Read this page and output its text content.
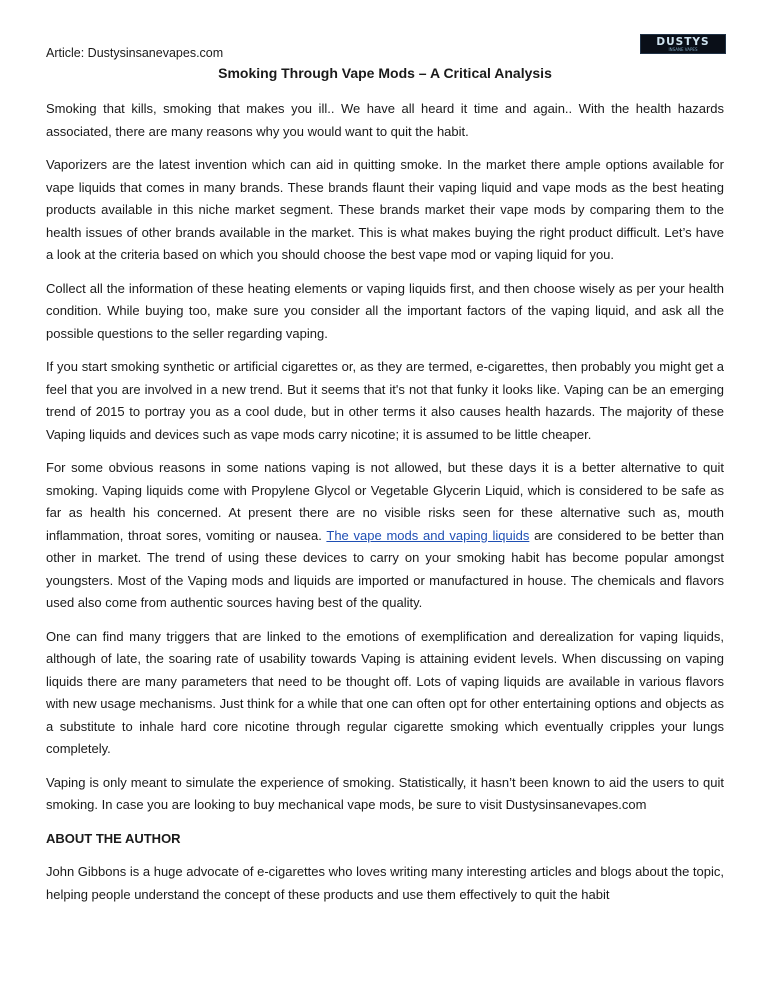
Article: Dustysinsanevapes.com
DUSTYS
INSANE VAPES
Smoking Through Vape Mods – A Critical Analysis

Smoking that kills, smoking that makes you ill.. We have all heard it time and again.. With the health hazards associated, there are many reasons why you would want to quit the habit.

Vaporizers are the latest invention which can aid in quitting smoke. In the market there ample options available for vape liquids that comes in many brands. These brands flaunt their vaping liquid and vape mods as the best heating products available in this niche market segment. These brands market their vape mods by comparing them to the health issues of other brands available in the market. This is what makes buying the right product difficult. Let’s have a look at the criteria based on which you should choose the best vape mod or vaping liquid for you.

Collect all the information of these heating elements or vaping liquids first, and then choose wisely as per your health condition. While buying too, make sure you consider all the important factors of the vaping liquid, and ask all the possible questions to the seller regarding vaping.

If you start smoking synthetic or artificial cigarettes or, as they are termed, e-cigarettes, then probably you might get a feel that you are involved in a new trend. But it seems that it's not that funky it looks like. Vaping can be an emerging trend of 2015 to portray you as a cool dude, but in other terms it also causes health hazards. The majority of these Vaping liquids and devices such as vape mods carry nicotine; it is assumed to be little cheaper.

For some obvious reasons in some nations vaping is not allowed, but these days it is a better alternative to quit smoking. Vaping liquids come with Propylene Glycol or Vegetable Glycerin Liquid, which is considered to be safe as far as health his concerned. At present there are no visible risks seen for these alternative such as, mouth inflammation, throat sores, vomiting or nausea. The vape mods and vaping liquids are considered to be better than other in market. The trend of using these devices to carry on your smoking habit has become popular amongst youngsters. Most of the Vaping mods and liquids are imported or manufactured in house. The chemicals and flavors used also come from authentic sources having best of the quality.

One can find many triggers that are linked to the emotions of exemplification and derealization for vaping liquids, although of late, the soaring rate of usability towards Vaping is attaining evident levels. When discussing on vaping liquids there are many parameters that need to be thought off. Lots of vaping liquids are available in various flavors with new usage mechanisms. Just think for a while that one can often opt for other entertaining options and objects as a substitute to inhale hard core nicotine through regular cigarette smoking which eventually cripples your lungs completely.

Vaping is only meant to simulate the experience of smoking. Statistically, it hasn’t been known to aid the users to quit smoking. In case you are looking to buy mechanical vape mods, be sure to visit Dustysinsanevapes.com

ABOUT THE AUTHOR

John Gibbons is a huge advocate of e-cigarettes who loves writing many interesting articles and blogs about the topic, helping people understand the concept of these products and use them effectively to quit the habit
